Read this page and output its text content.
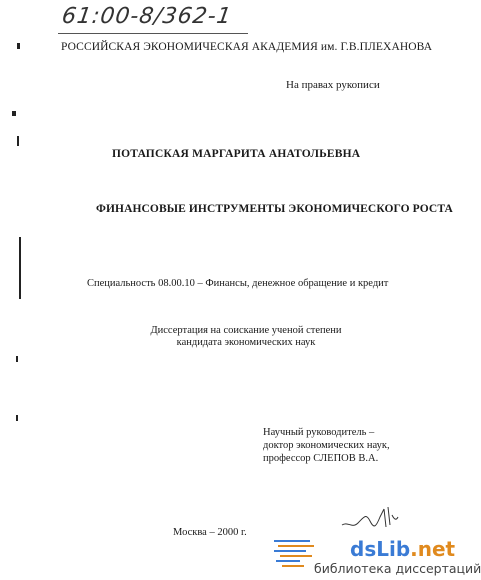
61:00-8/362-1
РОССИЙСКАЯ ЭКОНОМИЧЕСКАЯ АКАДЕМИЯ им. Г.В.ПЛЕХАНОВА
На правах рукописи
ПОТАПСКАЯ МАРГАРИТА АНАТОЛЬЕВНА
ФИНАНСОВЫЕ ИНСТРУМЕНТЫ ЭКОНОМИЧЕСКОГО РОСТА
Специальность 08.00.10 – Финансы, денежное обращение и кредит
Диссертация на соискание ученой степени
кандидата экономических наук
Научный руководитель –
доктор экономических наук,
профессор СЛЕПОВ В.А.
Москва – 2000 г.
dsLib.net
библиотека диссертаций
